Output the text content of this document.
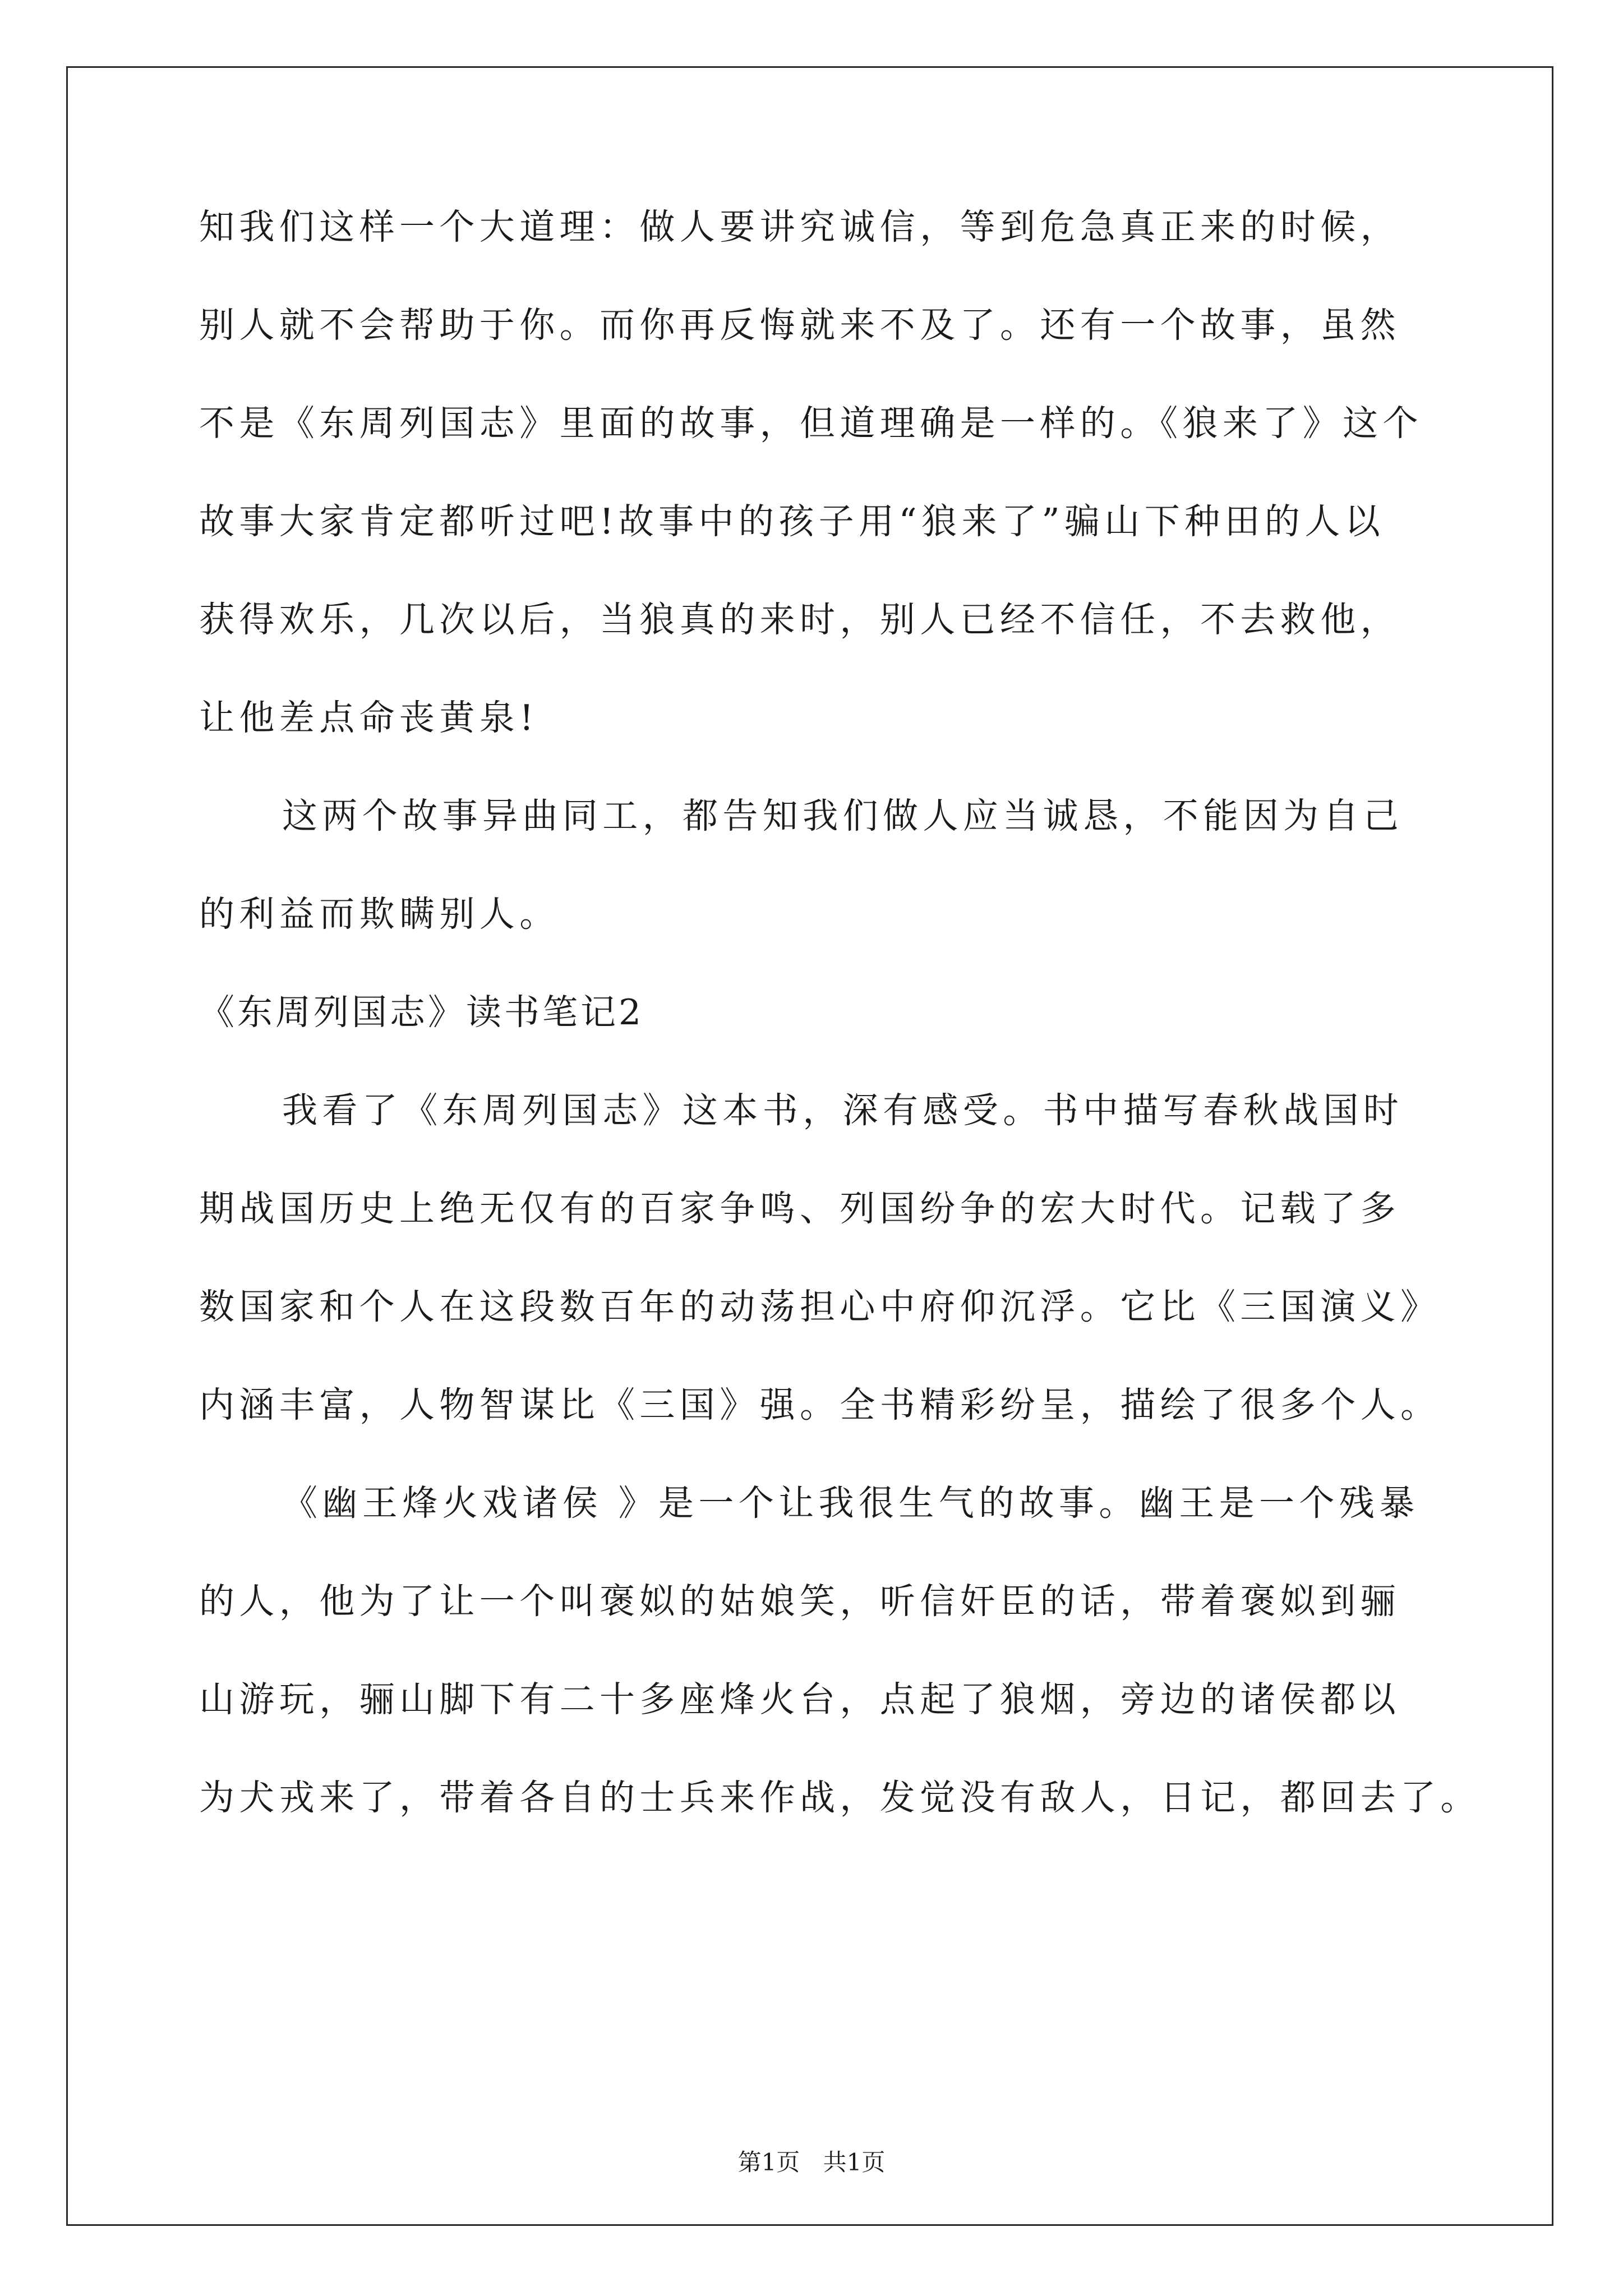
知我们这样一个大道理：做人要讲究诚信，等到危急真正来的时候，
别人就不会帮助于你。而你再反悔就来不及了。还有一个故事，虽然
不是《东周列国志》里面的故事，但道理确是一样的。《狼来了》这个
故事大家肯定都听过吧!故事中的孩子用“狼来了”骗山下种田的人以
获得欢乐，几次以后，当狼真的来时，别人已经不信任，不去救他，
让他差点命丧黄泉!
这两个故事异曲同工，都告知我们做人应当诚恳，不能因为自己
的利益而欺瞒别人。
《东周列国志》读书笔记2
我看了《东周列国志》这本书，深有感受。书中描写春秋战国时
期战国历史上绝无仅有的百家争鸣、列国纷争的宏大时代。记载了多
数国家和个人在这段数百年的动荡担心中府仰沉浮。它比《三国演义》
内涵丰富，人物智谋比《三国》强。全书精彩纷呈，描绘了很多个人。
《幽王烽火戏诸侯 》是一个让我很生气的故事。幽王是一个残暴
的人，他为了让一个叫褒姒的姑娘笑，听信奸臣的话，带着褒姒到骊
山游玩，骊山脚下有二十多座烽火台，点起了狼烟，旁边的诸侯都以
为犬戎来了，带着各自的士兵来作战，发觉没有敌人，日记，都回去了。
第1页 共1页
